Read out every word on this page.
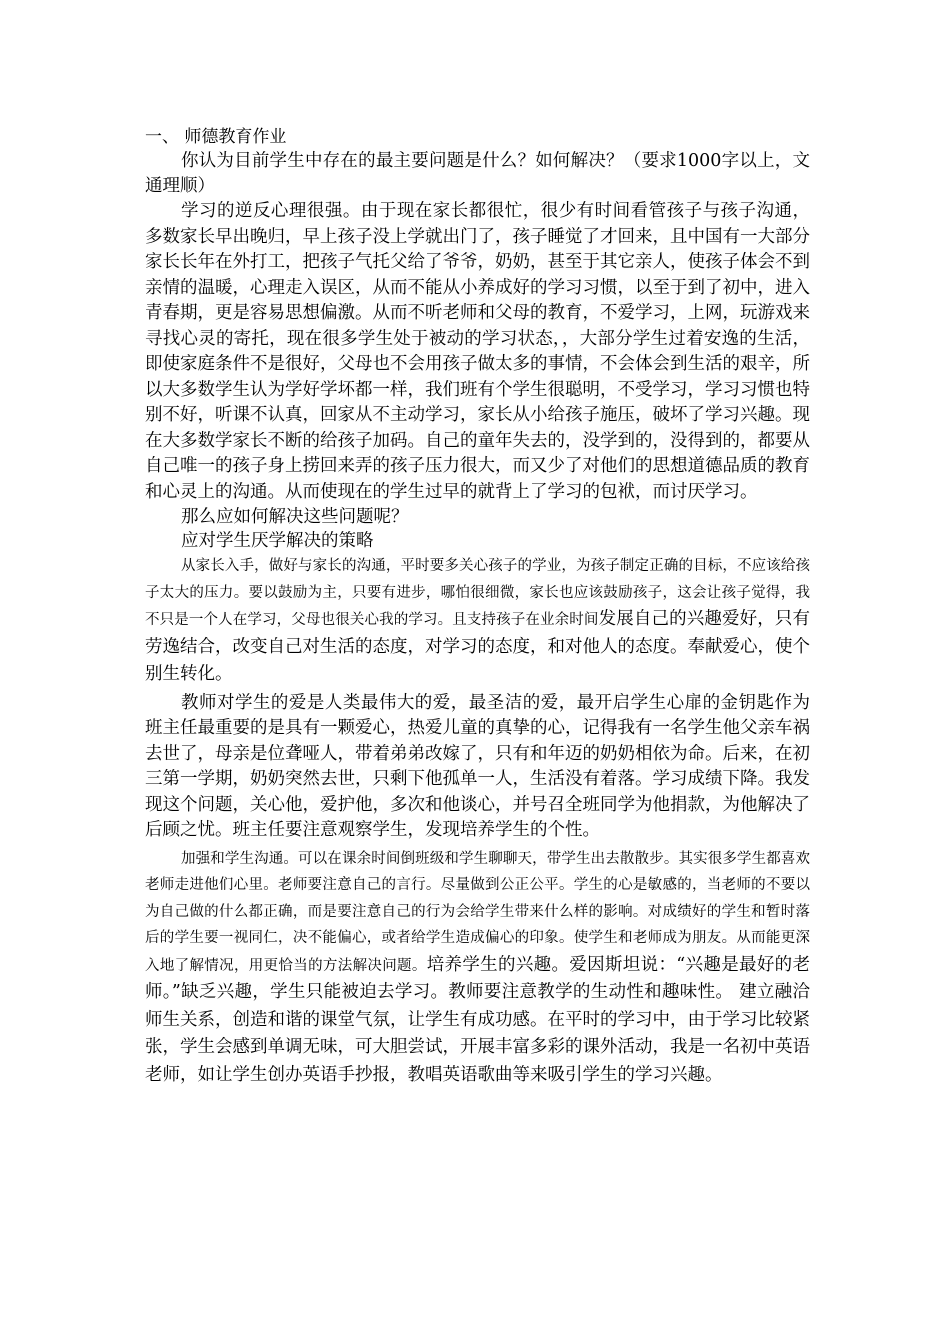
一、 师德教育作业

你认为目前学生中存在的最主要问题是什么？如何解决？（要求1000字以上，文通理顺）

学习的逆反心理很强。由于现在家长都很忙，很少有时间看管孩子与孩子沟通，多数家长早出晚归，早上孩子没上学就出门了，孩子睡觉了才回来，且中国有一大部分家长长年在外打工，把孩子气托父给了爷爷，奶奶，甚至于其它亲人，使孩子体会不到亲情的温暖，心理走入误区，从而不能从小养成好的学习习惯，以至于到了初中，进入青春期，更是容易思想偏激。从而不听老师和父母的教育，不爱学习，上网，玩游戏来寻找心灵的寄托，现在很多学生处于被动的学习状态，，大部分学生过着安逸的生活，即使家庭条件不是很好，父母也不会用孩子做太多的事情，不会体会到生活的艰辛，所以大多数学生认为学好学坏都一样，我们班有个学生很聪明，不受学习，学习习惯也特别不好，听课不认真，回家从不主动学习，家长从小给孩子施压，破坏了学习兴趣。现在大多数学家长不断的给孩子加码。自己的童年失去的，没学到的，没得到的，都要从自己唯一的孩子身上捞回来弄的孩子压力很大，而又少了对他们的思想道德品质的教育和心灵上的沟通。从而使现在的学生过早的就背上了学习的包袱，而讨厌学习。

那么应如何解决这些问题呢？

应对学生厌学解决的策略

从家长入手，做好与家长的沟通，平时要多关心孩子的学业，为孩子制定正确的目标，不应该给孩子太大的压力。要以鼓励为主，只要有进步，哪怕很细微，家长也应该鼓励孩子，这会让孩子觉得，我不只是一个人在学习，父母也很关心我的学习。且支持孩子在业余时间发展自己的兴趣爱好，只有劳逸结合，改变自己对生活的态度，对学习的态度，和对他人的态度。奉献爱心，使个别生转化。

教师对学生的爱是人类最伟大的爱，最圣洁的爱，最开启学生心扉的金钥匙作为班主任最重要的是具有一颗爱心，热爱儿童的真挚的心，记得我有一名学生他父亲车祸去世了，母亲是位聋哑人，带着弟弟改嫁了，只有和年迈的奶奶相依为命。后来，在初三第一学期，奶奶突然去世，只剩下他孤单一人，生活没有着落。学习成绩下降。我发现这个问题，关心他，爱护他，多次和他谈心，并号召全班同学为他捐款，为他解决了后顾之忧。班主任要注意观察学生，发现培养学生的个性。

加强和学生沟通。可以在课余时间倒班级和学生聊聊天，带学生出去散散步。其实很多学生都喜欢老师走进他们心里。老师要注意自己的言行。尽量做到公正公平。学生的心是敏感的，当老师的不要以为自己做的什么都正确，而是要注意自己的行为会给学生带来什么样的影响。对成绩好的学生和暂时落后的学生要一视同仁，决不能偏心，或者给学生造成偏心的印象。使学生和老师成为朋友。从而能更深入地了解情况，用更恰当的方法解决问题。培养学生的兴趣。爱因斯坦说：“兴趣是最好的老师。”缺乏兴趣，学生只能被迫去学习。教师要注意教学的生动性和趣味性。 建立融洽师生关系，创造和谐的课堂气氛，让学生有成功感。在平时的学习中，由于学习比较紧张，学生会感到单调无味，可大胆尝试，开展丰富多彩的课外活动，我是一名初中英语老师，如让学生创办英语手抄报，教唱英语歌曲等来吸引学生的学习兴趣。
